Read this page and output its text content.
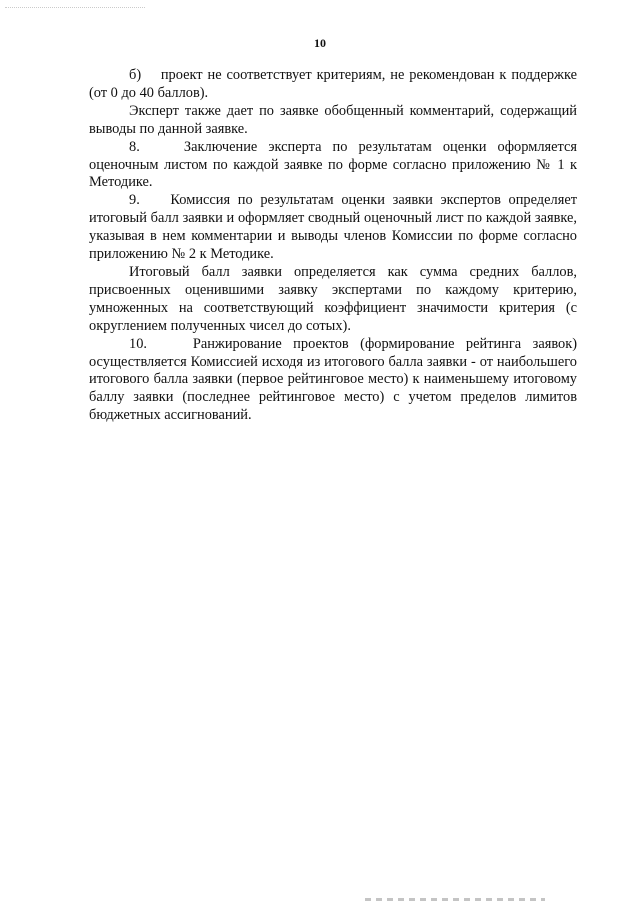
10

б)    проект не соответствует критериям, не рекомендован к поддержке (от 0 до 40 баллов).

Эксперт также дает по заявке обобщенный комментарий, содержащий выводы по данной заявке.

8.    Заключение эксперта по результатам оценки оформляется оценочным листом по каждой заявке по форме согласно приложению № 1 к Методике.

9.    Комиссия по результатам оценки заявки экспертов определяет итоговый балл заявки и оформляет сводный оценочный лист по каждой заявке, указывая в нем комментарии и выводы членов Комиссии по форме согласно приложению № 2 к Методике.

Итоговый балл заявки определяется как сумма средних баллов, присвоенных оценившими заявку экспертами по каждому критерию, умноженных на соответствующий коэффициент значимости критерия (с округлением полученных чисел до сотых).

10.    Ранжирование проектов (формирование рейтинга заявок) осуществляется Комиссией исходя из итогового балла заявки - от наибольшего итогового балла заявки (первое рейтинговое место) к наименьшему итоговому баллу заявки (последнее рейтинговое место) с учетом пределов лимитов бюджетных ассигнований.
